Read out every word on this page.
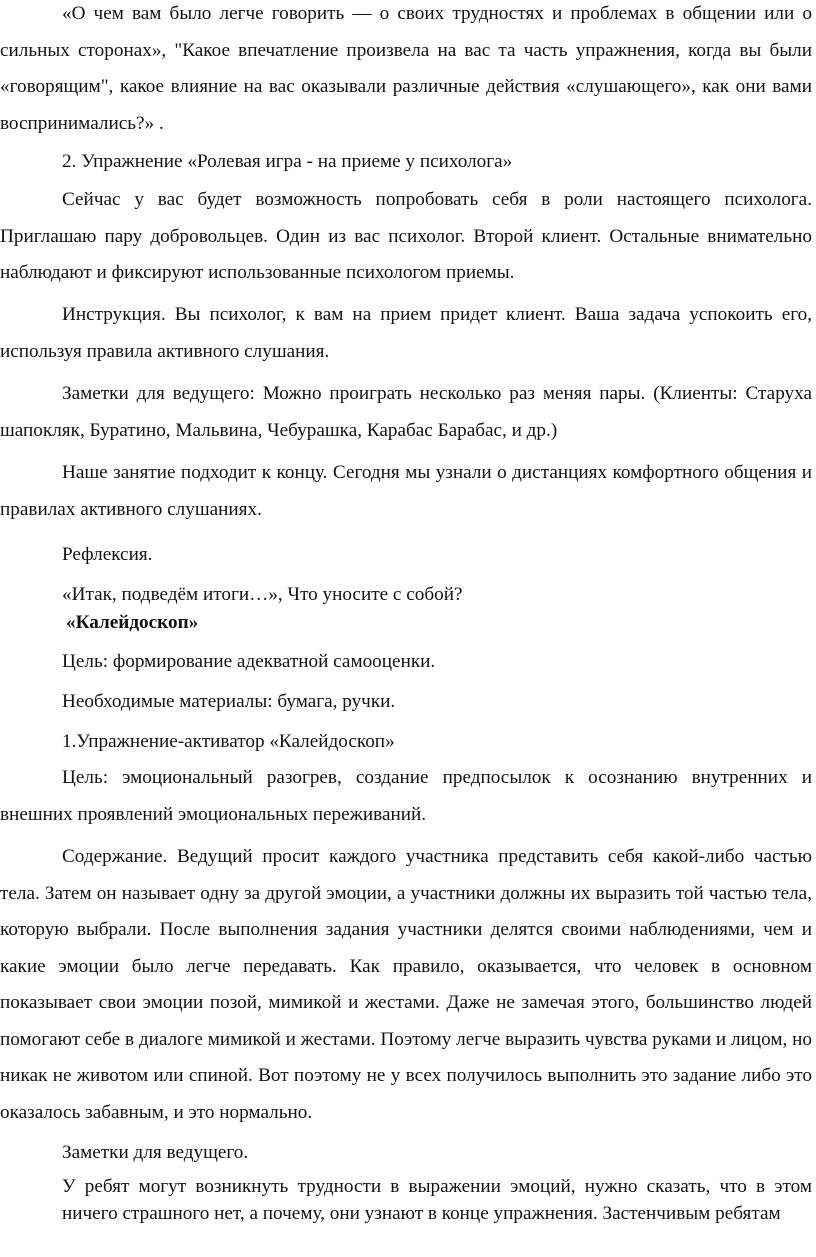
«О чем вам было легче говорить — о своих трудностях и проблемах в общении или о сильных сторонах», "Какое впечатление произвела на вас та часть упражнения, когда вы были «говорящим", какое влияние на вас оказывали различные действия «слушающего», как они вами воспринимались?» .

2. Упражнение «Ролевая игра - на приеме у психолога»

Сейчас у вас будет возможность попробовать себя в роли настоящего психолога. Приглашаю пару добровольцев. Один из вас психолог. Второй клиент. Остальные внимательно наблюдают и фиксируют использованные психологом приемы.

Инструкция. Вы психолог, к вам на прием придет клиент. Ваша задача успокоить его, используя правила активного слушания.

Заметки для ведущего: Можно проиграть несколько раз меняя пары. (Клиенты: Старуха шапокляк, Буратино, Мальвина, Чебурашка, Карабас Барабас, и др.)

Наше занятие подходит к концу. Сегодня мы узнали о дистанциях комфортного общения и правилах активного слушаниях.

Рефлексия.

«Итак, подведём итоги…», Что уносите с собой?

«Калейдоскоп»

Цель: формирование адекватной самооценки.

Необходимые материалы: бумага, ручки.

1.Упражнение-активатор «Калейдоскоп»

Цель: эмоциональный разогрев, создание предпосылок к осознанию внутренних и внешних проявлений эмоциональных переживаний.

Содержание. Ведущий просит каждого участника представить себя какой-либо частью тела. Затем он называет одну за другой эмоции, а участники должны их выразить той частью тела, которую выбрали. После выполнения задания участники делятся своими наблюдениями, чем и какие эмоции было легче передавать. Как правило, оказывается, что человек в основном показывает свои эмоции позой, мимикой и жестами. Даже не замечая этого, большинство людей помогают себе в диалоге мимикой и жестами. Поэтому легче выразить чувства руками и лицом, но никак не животом или спиной. Вот поэтому не у всех получилось выполнить это задание либо это оказалось забавным, и это нормально.

Заметки для ведущего.

У ребят могут возникнуть трудности в выражении эмоций, нужно сказать, что в этом ничего страшного нет, а почему, они узнают в конце упражнения. Застенчивым ребятам
